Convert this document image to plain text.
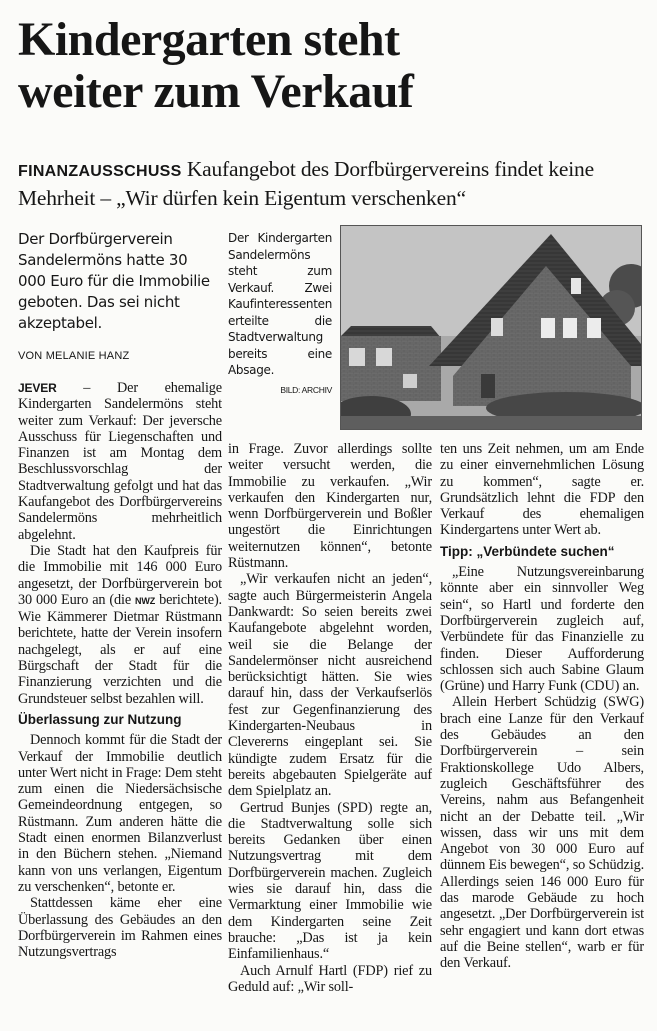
Kindergarten steht
weiter zum Verkauf
FINANZAUSSCHUSS Kaufangebot des Dorfbürgervereins findet keine Mehrheit – „Wir dürfen kein Eigentum verschenken“
Der Dorfbürgerverein Sandelermöns hatte 30 000 Euro für die Immobilie geboten. Das sei nicht akzeptabel.
VON MELANIE HANZ
Der Kindergarten Sandelermöns steht zum Verkauf. Zwei Kaufinteressenten erteilte die Stadtverwaltung bereits eine Absage.
BILD: ARCHIV

JEVER – Der ehemalige Kindergarten Sandelermöns steht weiter zum Verkauf: Der jeversche Ausschuss für Liegenschaften und Finanzen ist am Montag dem Beschlussvorschlag der Stadtverwaltung gefolgt und hat das Kaufangebot des Dorfbürgervereins Sandelermöns mehrheitlich abgelehnt.

Die Stadt hat den Kaufpreis für die Immobilie mit 146 000 Euro angesetzt, der Dorfbürgerverein bot 30 000 Euro an (die NWZ berichtete). Wie Kämmerer Dietmar Rüstmann berichtete, hatte der Verein insofern nachgelegt, als er auf eine Bürgschaft der Stadt für die Finanzierung verzichten und die Grundsteuer selbst bezahlen will.

Überlassung zur Nutzung

Dennoch kommt für die Stadt der Verkauf der Immobilie deutlich unter Wert nicht in Frage: Dem steht zum einen die Niedersächsische Gemeindeordnung entgegen, so Rüstmann. Zum anderen hätte die Stadt einen enormen Bilanzverlust in den Büchern stehen. „Niemand kann von uns verlangen, Eigentum zu verschenken“, betonte er.

Stattdessen käme eher eine Überlassung des Gebäudes an den Dorfbürgerverein im Rahmen eines Nutzungsvertrags

in Frage. Zuvor allerdings sollte weiter versucht werden, die Immobilie zu verkaufen. „Wir verkaufen den Kindergarten nur, wenn Dorfbürgerverein und Boßler ungestört die Einrichtungen weiternutzen können“, betonte Rüstmann.

„Wir verkaufen nicht an jeden“, sagte auch Bürgermeisterin Angela Dankwardt: So seien bereits zwei Kaufangebote abgelehnt worden, weil sie die Belange der Sandelermönser nicht ausreichend berücksichtigt hätten. Sie wies darauf hin, dass der Verkaufserlös fest zur Gegenfinanzierung des Kindergarten-Neubaus in Clevererns eingeplant sei. Sie kündigte zudem Ersatz für die bereits abgebauten Spielgeräte auf dem Spielplatz an.

Gertrud Bunjes (SPD) regte an, die Stadtverwaltung solle sich bereits Gedanken über einen Nutzungsvertrag mit dem Dorfbürgerverein machen. Zugleich wies sie darauf hin, dass die Vermarktung einer Immobilie wie dem Kindergarten seine Zeit brauche: „Das ist ja kein Einfamilienhaus.“

Auch Arnulf Hartl (FDP) rief zu Geduld auf: „Wir soll-

ten uns Zeit nehmen, um am Ende zu einer einvernehmlichen Lösung zu kommen“, sagte er. Grundsätzlich lehnt die FDP den Verkauf des ehemaligen Kindergartens unter Wert ab.

Tipp: „Verbündete suchen“

„Eine Nutzungsvereinbarung könnte aber ein sinnvoller Weg sein“, so Hartl und forderte den Dorfbürgerverein zugleich auf, Verbündete für das Finanzielle zu finden. Dieser Aufforderung schlossen sich auch Sabine Glaum (Grüne) und Harry Funk (CDU) an.

Allein Herbert Schüdzig (SWG) brach eine Lanze für den Verkauf des Gebäudes an den Dorfbürgerverein – sein Fraktionskollege Udo Albers, zugleich Geschäftsführer des Vereins, nahm aus Befangenheit nicht an der Debatte teil. „Wir wissen, dass wir uns mit dem Angebot von 30 000 Euro auf dünnem Eis bewegen“, so Schüdzig. Allerdings seien 146 000 Euro für das marode Gebäude zu hoch angesetzt. „Der Dorfbürgerverein ist sehr engagiert und kann dort etwas auf die Beine stellen“, warb er für den Verkauf.
